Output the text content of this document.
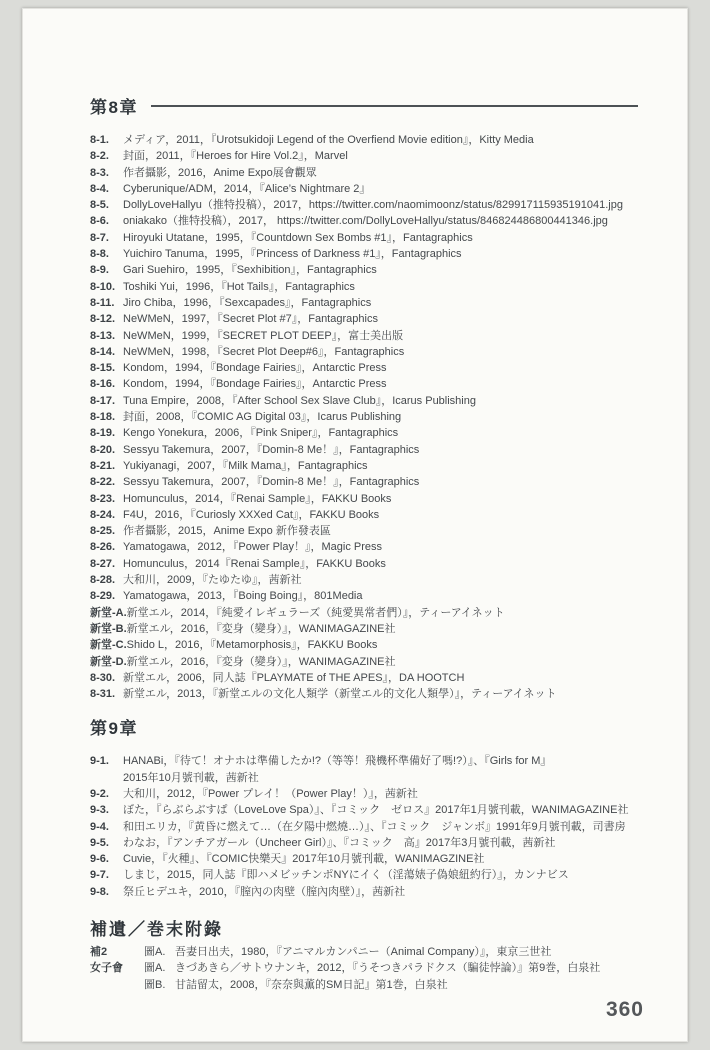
第8章
8-1.	メディア，2011，『Urotsukidoji Legend of the Overfiend Movie edition』，Kitty Media
8-2.	封面，2011，『Heroes for Hire Vol.2』，Marvel
8-3.	作者攝影，2016，Anime Expo展會觀眾
8-4.	Cyberunique/ADM，2014，『Alice’s Nightmare 2』
8-5.	DollyLoveHallyu（推特投稿），2017，https://twitter.com/naomimoonz/status/829917115935191041.jpg
8-6.	oniakako（推特投稿），2017， https://twitter.com/DollyLoveHallyu/status/846824486800441346.jpg
8-7.	Hiroyuki Utatane，1995，『Countdown Sex Bombs #1』，Fantagraphics
8-8.	Yuichiro Tanuma，1995，『Princess of Darkness #1』，Fantagraphics
8-9.	Gari Suehiro，1995，『Sexhibition』，Fantagraphics
8-10. Toshiki Yui，1996，『Hot Tails』，Fantagraphics
8-11. Jiro Chiba，1996，『Sexcapades』，Fantagraphics
8-12. NeWMeN，1997，『Secret Plot #7』，Fantagraphics
8-13. NeWMeN，1999，『SECRET PLOT DEEP』，富士美出版
8-14. NeWMeN，1998，『Secret Plot Deep#6』，Fantagraphics
8-15. Kondom，1994，『Bondage Fairies』，Antarctic Press
8-16. Kondom，1994，『Bondage Fairies』，Antarctic Press
8-17. Tuna Empire，2008，『After School Sex Slave Club』，Icarus Publishing
8-18. 封面，2008，『COMIC AG Digital 03』，Icarus Publishing
8-19. Kengo Yonekura，2006，『Pink Sniper』，Fantagraphics
8-20. Sessyu Takemura，2007，『Domin-8 Me！』，Fantagraphics
8-21. Yukiyanagi，2007，『Milk Mama』，Fantagraphics
8-22. Sessyu Takemura，2007，『Domin-8 Me！』，Fantagraphics
8-23. Homunculus，2014，『Renai Sample』，FAKKU Books
8-24. F4U，2016，『Curiosly XXXed Cat』，FAKKU Books
8-25. 作者攝影，2015，Anime Expo 新作發表區
8-26. Yamatogawa，2012，『Power Play！』，Magic Press
8-27. Homunculus，2014『Renai Sample』，FAKKU Books
8-28. 大和川，2009，『たゆたゆ』，茜新社
8-29. Yamatogawa，2013，『Boing Boing』，801Media
新堂-A. 新堂エル，2014，『純愛イレギュラーズ（純愛異常者們）』，ティーアイネット
新堂-B. 新堂エル，2016，『変身（變身）』，WANIMAGAZINE社
新堂-C. Shido L，2016，『Metamorphosis』，FAKKU Books
新堂-D. 新堂エル，2016，『変身（變身）』，WANIMAGAZINE社
8-30. 新堂エル，2006，同人誌『PLAYMATE of THE APES』，DA HOOTCH
8-31. 新堂エル，2013，『新堂エルの文化人類学（新堂エル的文化人類學）』，ティーアイネット
第9章
9-1.	HANABi，『待て！オナホは準備したか!?（等等！飛機杯準備好了嗎!?）』、『Girls for M』
2015年10月號刊載，茜新社
9-2.	大和川，2012，『Power プレイ！（Power Play！）』，茜新社
9-3.	ぼた，『らぶらぶすぱ（LoveLove Spa）』、『コミック　ゼロス』2017年1月號刊載，WANIMAGAZINE社
9-4.	和田エリカ，『黄昏に燃えて…（在夕陽中燃燒…）』、『コミック　ジャンボ』1991年9月號刊載，司書房
9-5.	わなお，『アンチアガール（Uncheer Girl）』、『コミック　高』2017年3月號刊載，茜新社
9-6.	Cuvie，『火種』、『COMIC快樂天』2017年10月號刊載，WANIMAGZINE社
9-7.	しまじ，2015，同人誌『即ハメビッチンポNYにイく（淫蕩婊子偽娘紐約行）』，カンナビス
9-8.	祭丘ヒデユキ，2010，『膣內の肉壁（膣內肉壁）』，茜新社
補遺／巻末附錄
補2	圖A. 吾妻日出夫，1980，『アニマルカンパニー（Animal Company）』，東京三世社
女子會	圖A. きづあきら／サトウナンキ，2012，『うそつきパラドクス（騙徒悖論）』第9巻，白泉社
圖B. 甘詰留太，2008，『奈奈與薫的SM日記』第1巻，白泉社
360
